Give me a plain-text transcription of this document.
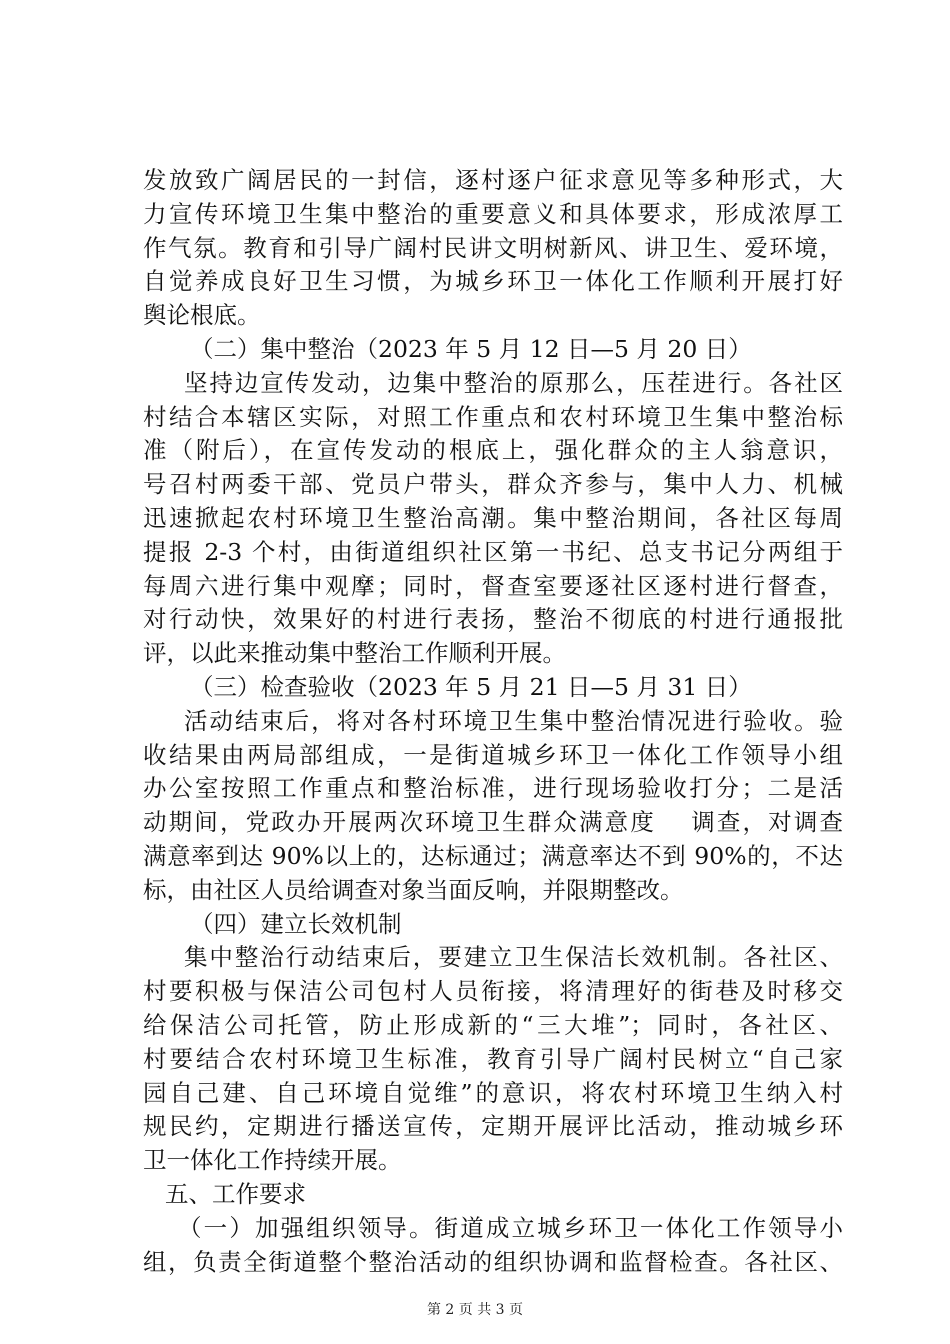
发放致广阔居民的一封信，逐村逐户征求意见等多种形式，大
力宣传环境卫生集中整治的重要意义和具体要求，形成浓厚工
作气氛。教育和引导广阔村民讲文明树新风、讲卫生、爱环境，
自觉养成良好卫生习惯，为城乡环卫一体化工作顺利开展打好
舆论根底。
（二）集中整治（2023 年 5 月 12 日—5 月 20 日）
坚持边宣传发动，边集中整治的原那么，压茬进行。各社区
村结合本辖区实际，对照工作重点和农村环境卫生集中整治标
准（附后），在宣传发动的根底上，强化群众的主人翁意识，
号召村两委干部、党员户带头，群众齐参与，集中人力、机械
迅速掀起农村环境卫生整治高潮。集中整治期间，各社区每周
提报 2-3 个村，由街道组织社区第一书纪、总支书记分两组于
每周六进行集中观摩；同时，督查室要逐社区逐村进行督查，
对行动快，效果好的村进行表扬，整治不彻底的村进行通报批
评，以此来推动集中整治工作顺利开展。
（三）检查验收（2023 年 5 月 21 日—5 月 31 日）
活动结束后，将对各村环境卫生集中整治情况进行验收。验
收结果由两局部组成，一是街道城乡环卫一体化工作领导小组
办公室按照工作重点和整治标准，进行现场验收打分；二是活
动期间，党政办开展两次环境卫生群众满意度　 调查，对调查
满意率到达 90%以上的，达标通过；满意率达不到 90%的，不达
标，由社区人员给调查对象当面反响，并限期整改。
（四）建立长效机制
集中整治行动结束后，要建立卫生保洁长效机制。各社区、
村要积极与保洁公司包村人员衔接，将清理好的街巷及时移交
给保洁公司托管，防止形成新的“三大堆”；同时，各社区、
村要结合农村环境卫生标准，教育引导广阔村民树立“自己家
园自己建、自己环境自觉维”的意识，将农村环境卫生纳入村
规民约，定期进行播送宣传，定期开展评比活动，推动城乡环
卫一体化工作持续开展。
五、工作要求
（一）加强组织领导。街道成立城乡环卫一体化工作领导小
组，负责全街道整个整治活动的组织协调和监督检查。各社区、
第 2 页 共 3 页
